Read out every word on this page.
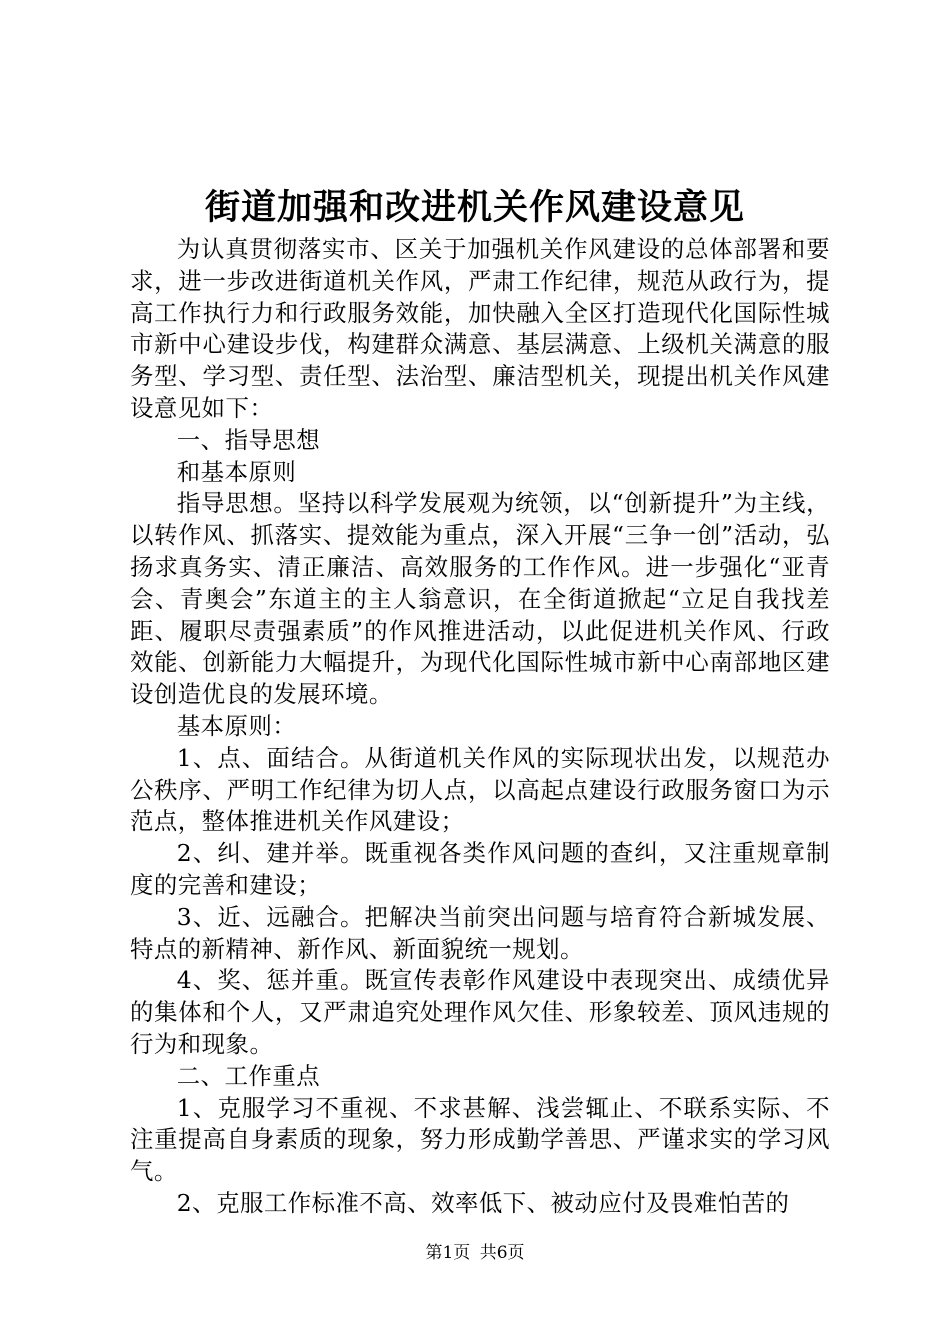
街道加强和改进机关作风建设意见

为认真贯彻落实市、区关于加强机关作风建设的总体部署和要求，进一步改进街道机关作风，严肃工作纪律，规范从政行为，提高工作执行力和行政服务效能，加快融入全区打造现代化国际性城市新中心建设步伐，构建群众满意、基层满意、上级机关满意的服务型、学习型、责任型、法治型、廉洁型机关，现提出机关作风建设意见如下：

一、指导思想

和基本原则

指导思想。坚持以科学发展观为统领，以“创新提升”为主线，以转作风、抓落实、提效能为重点，深入开展“三争一创”活动，弘扬求真务实、清正廉洁、高效服务的工作作风。进一步强化“亚青会、青奥会”东道主的主人翁意识，在全街道掀起“立足自我找差距、履职尽责强素质”的作风推进活动，以此促进机关作风、行政效能、创新能力大幅提升，为现代化国际性城市新中心南部地区建设创造优良的发展环境。

基本原则：

1、点、面结合。从街道机关作风的实际现状出发，以规范办公秩序、严明工作纪律为切人点，以高起点建设行政服务窗口为示范点，整体推进机关作风建设；

2、纠、建并举。既重视各类作风问题的查纠，又注重规章制度的完善和建设；

3、近、远融合。把解决当前突出问题与培育符合新城发展、特点的新精神、新作风、新面貌统一规划。

4、奖、惩并重。既宣传表彰作风建设中表现突出、成绩优异的集体和个人，又严肃追究处理作风欠佳、形象较差、顶风违规的行为和现象。

二、工作重点

1、克服学习不重视、不求甚解、浅尝辄止、不联系实际、不注重提高自身素质的现象，努力形成勤学善思、严谨求实的学习风气。

2、克服工作标准不高、效率低下、被动应付及畏难怕苦的

第1页 共6页
